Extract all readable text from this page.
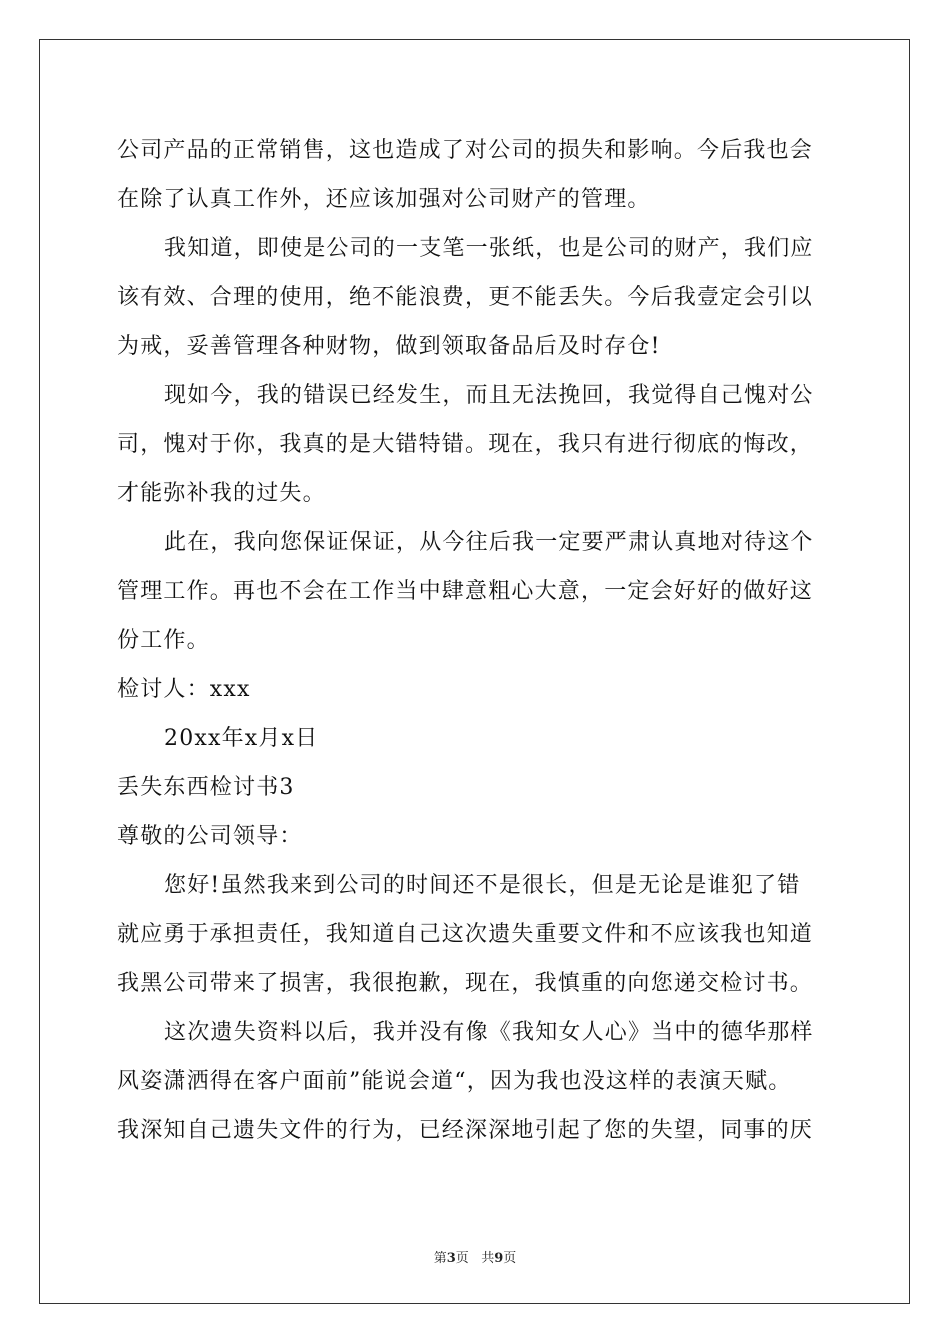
公司产品的正常销售，这也造成了对公司的损失和影响。今后我也会
在除了认真工作外，还应该加强对公司财产的管理。
我知道，即使是公司的一支笔一张纸，也是公司的财产，我们应
该有效、合理的使用，绝不能浪费，更不能丢失。今后我壹定会引以
为戒，妥善管理各种财物，做到领取备品后及时存仓!
现如今，我的错误已经发生，而且无法挽回，我觉得自己愧对公
司，愧对于你，我真的是大错特错。现在，我只有进行彻底的悔改，
才能弥补我的过失。
此在，我向您保证保证，从今往后我一定要严肃认真地对待这个
管理工作。再也不会在工作当中肆意粗心大意，一定会好好的做好这
份工作。
检讨人：xxx
20xx年x月x日
丢失东西检讨书3
尊敬的公司领导：
您好!虽然我来到公司的时间还不是很长，但是无论是谁犯了错
就应勇于承担责任，我知道自己这次遗失重要文件和不应该我也知道
我黑公司带来了损害，我很抱歉，现在，我慎重的向您递交检讨书。
这次遗失资料以后，我并没有像《我知女人心》当中的德华那样
风姿潇洒得在客户面前”能说会道“，因为我也没这样的表演天赋。
我深知自己遗失文件的行为，已经深深地引起了您的失望，同事的厌
第3页 共9页
